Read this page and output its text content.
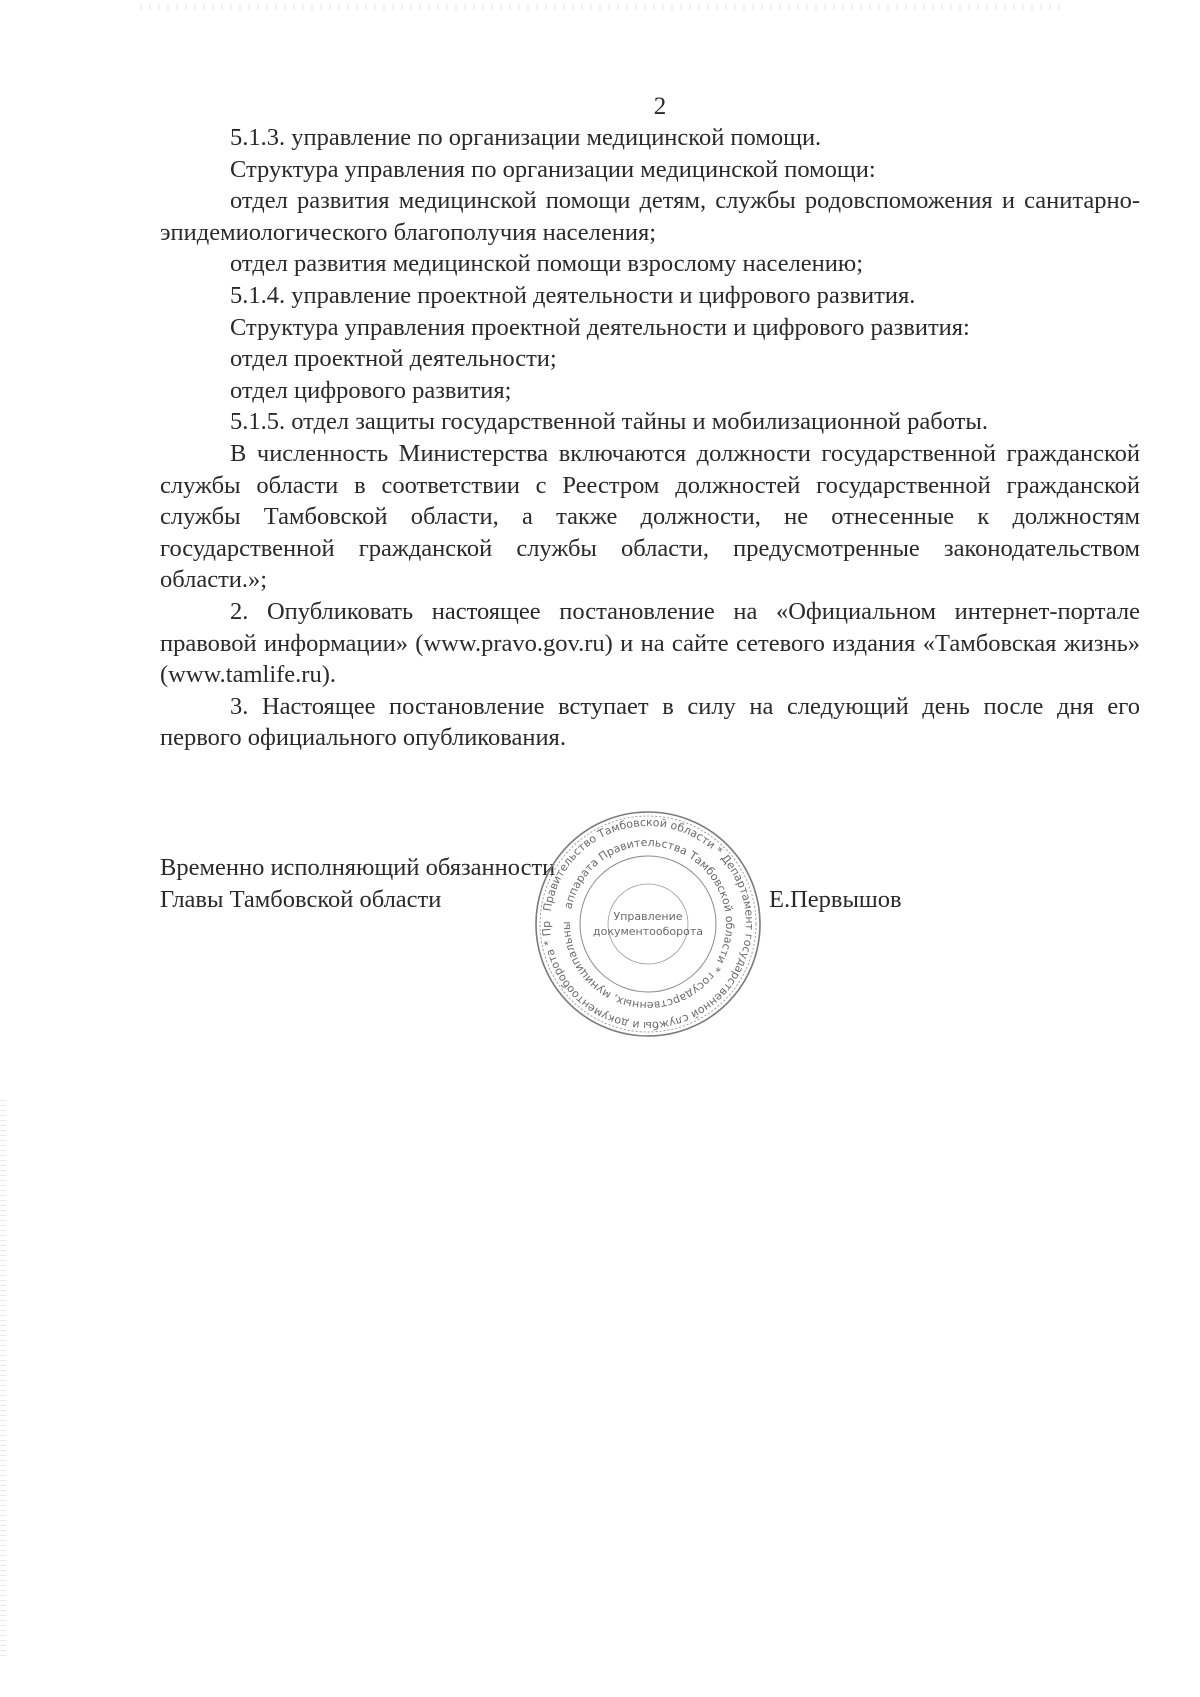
2

5.1.3. управление по организации медицинской помощи.

Структура управления по организации медицинской помощи:

отдел развития медицинской помощи детям, службы родовспоможения и санитарно-эпидемиологического благополучия населения;

отдел развития медицинской помощи взрослому населению;

5.1.4. управление проектной деятельности и цифрового развития.

Структура управления проектной деятельности и цифрового развития:

отдел проектной деятельности;

отдел цифрового развития;

5.1.5. отдел защиты государственной тайны и мобилизационной работы.

В численность Министерства включаются должности государственной гражданской службы области в соответствии с Реестром должностей государственной гражданской службы Тамбовской области, а также должности, не отнесенные к должностям государственной гражданской службы области, предусмотренные законодательством области.»;

2. Опубликовать настоящее постановление на «Официальном интернет-портале правовой информации» (www.pravo.gov.ru) и на сайте сетевого издания «Тамбовская жизнь» (www.tamlife.ru).

3. Настоящее постановление вступает в силу на следующий день после дня его первого официального опубликования.

Временно исполняющий обязанности
Главы Тамбовской области	Е.Первышов
Правительство Тамбовской области * Департамент государственной службы и документооборота * Пр
аппарата Правительства Тамбовской области * государственных, муниципальны
Управление
документооборота
